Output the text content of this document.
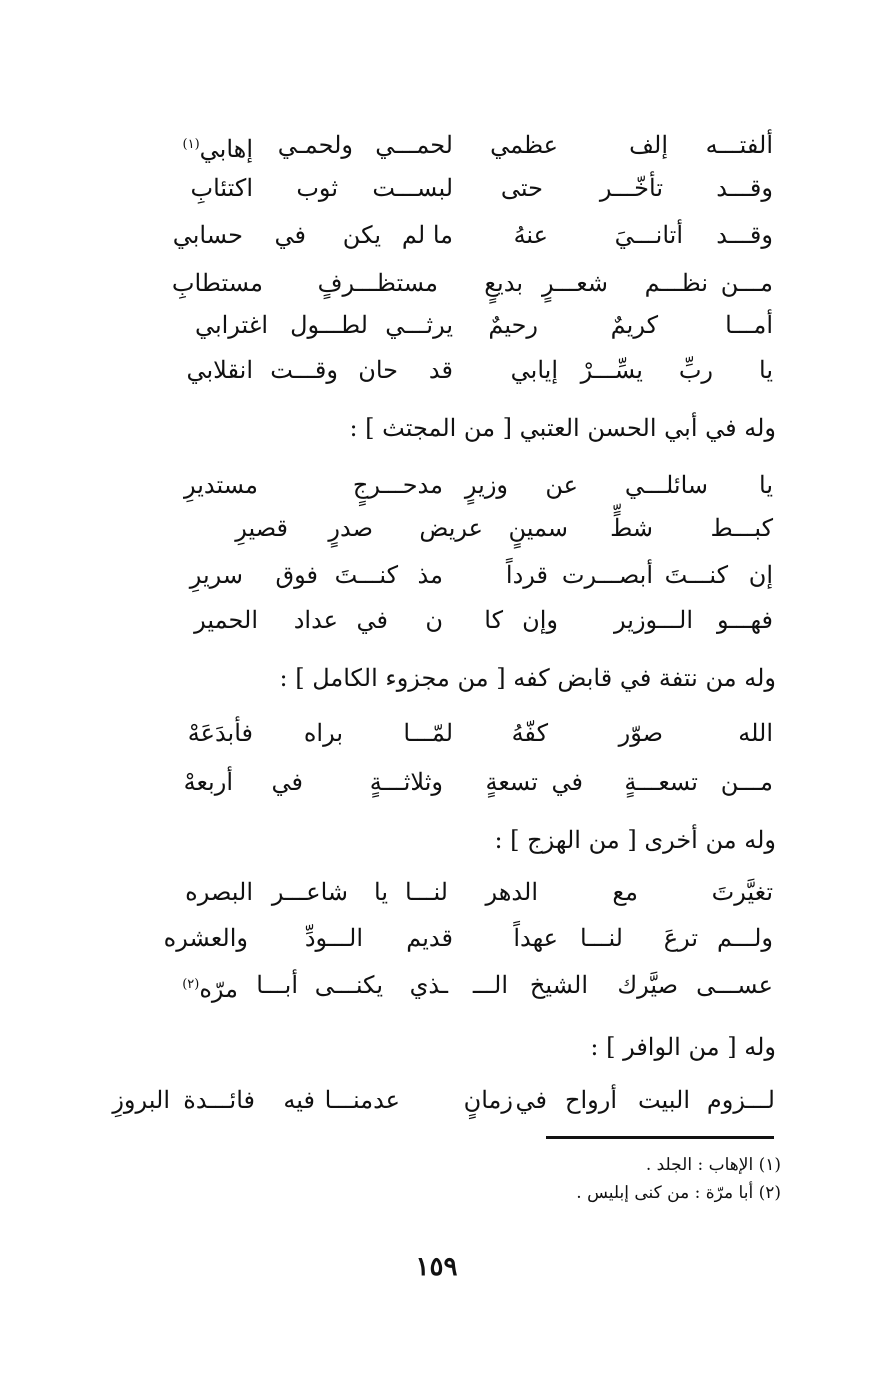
ألفتـــه
إلف
عظمي
لحمـــي
ولحمـي
إهابي$^{(١)}$
وقـــد
تأخّـــر
حتى
لبســـت
ثوب
اكتئابِ
وقـــد
أتانـــيَ
عنهُ
ما لم
يكن
في
حسابي
مـــن
نظـــم
شعـــرٍ
بديعٍ
مستظـــرفٍ
مستطابِ
أمـــا
كريمٌ
رحيمٌ
يرثـــي
لطـــول
اغترابي
يا
ربِّ
يسِّـــرْ
إيابي
قد
حان
وقـــت
انقلابي
وله في أبي الحسن العتبي [ من المجتث ] :
يا
سائلـــي
عن
وزيرٍ
مدحـــرجٍ
مستديرِ
كبـــط
شطٍّ
سمينٍ
عريض
صدرٍ
قصيرِ
إن
كنـــتَ
أبصـــرت
قرداً
مذ
كنـــتَ
فوق
سريرِ
فهـــو
الـــوزير
وإن
كا
ن
في
عداد
الحمير
وله من نتفة في قابض كفه [ من مجزوء الكامل ] :
الله
صوّر
كفّهُ
لمّـــا
براه
فأبدَعَهْ
مـــن
تسعـــةٍ
في
تسعةٍ
وثلاثـــةٍ
في
أربعهْ
وله من أخرى [ من الهزج ] :
تغيَّرتَ
مع
الدهر
لنـــا
يا
شاعـــر
البصره
ولـــم
ترعَ
لنـــا
عهداً
قديم
الـــودِّ
والعشره
عســـى
صيَّرك
الشيخ
الـــ
ـذي
يكنـــى
أبـــا
مرّه$^{(٢)}$
وله [ من الوافر ] :
لـــزوم
البيت
أرواح
في
زمانٍ
عدمنـــا
فيه
فائـــدة
البروزِ
(١) الإهاب : الجلد .
(٢) أبا مرّة : من كنى إبليس .
١٥٩
